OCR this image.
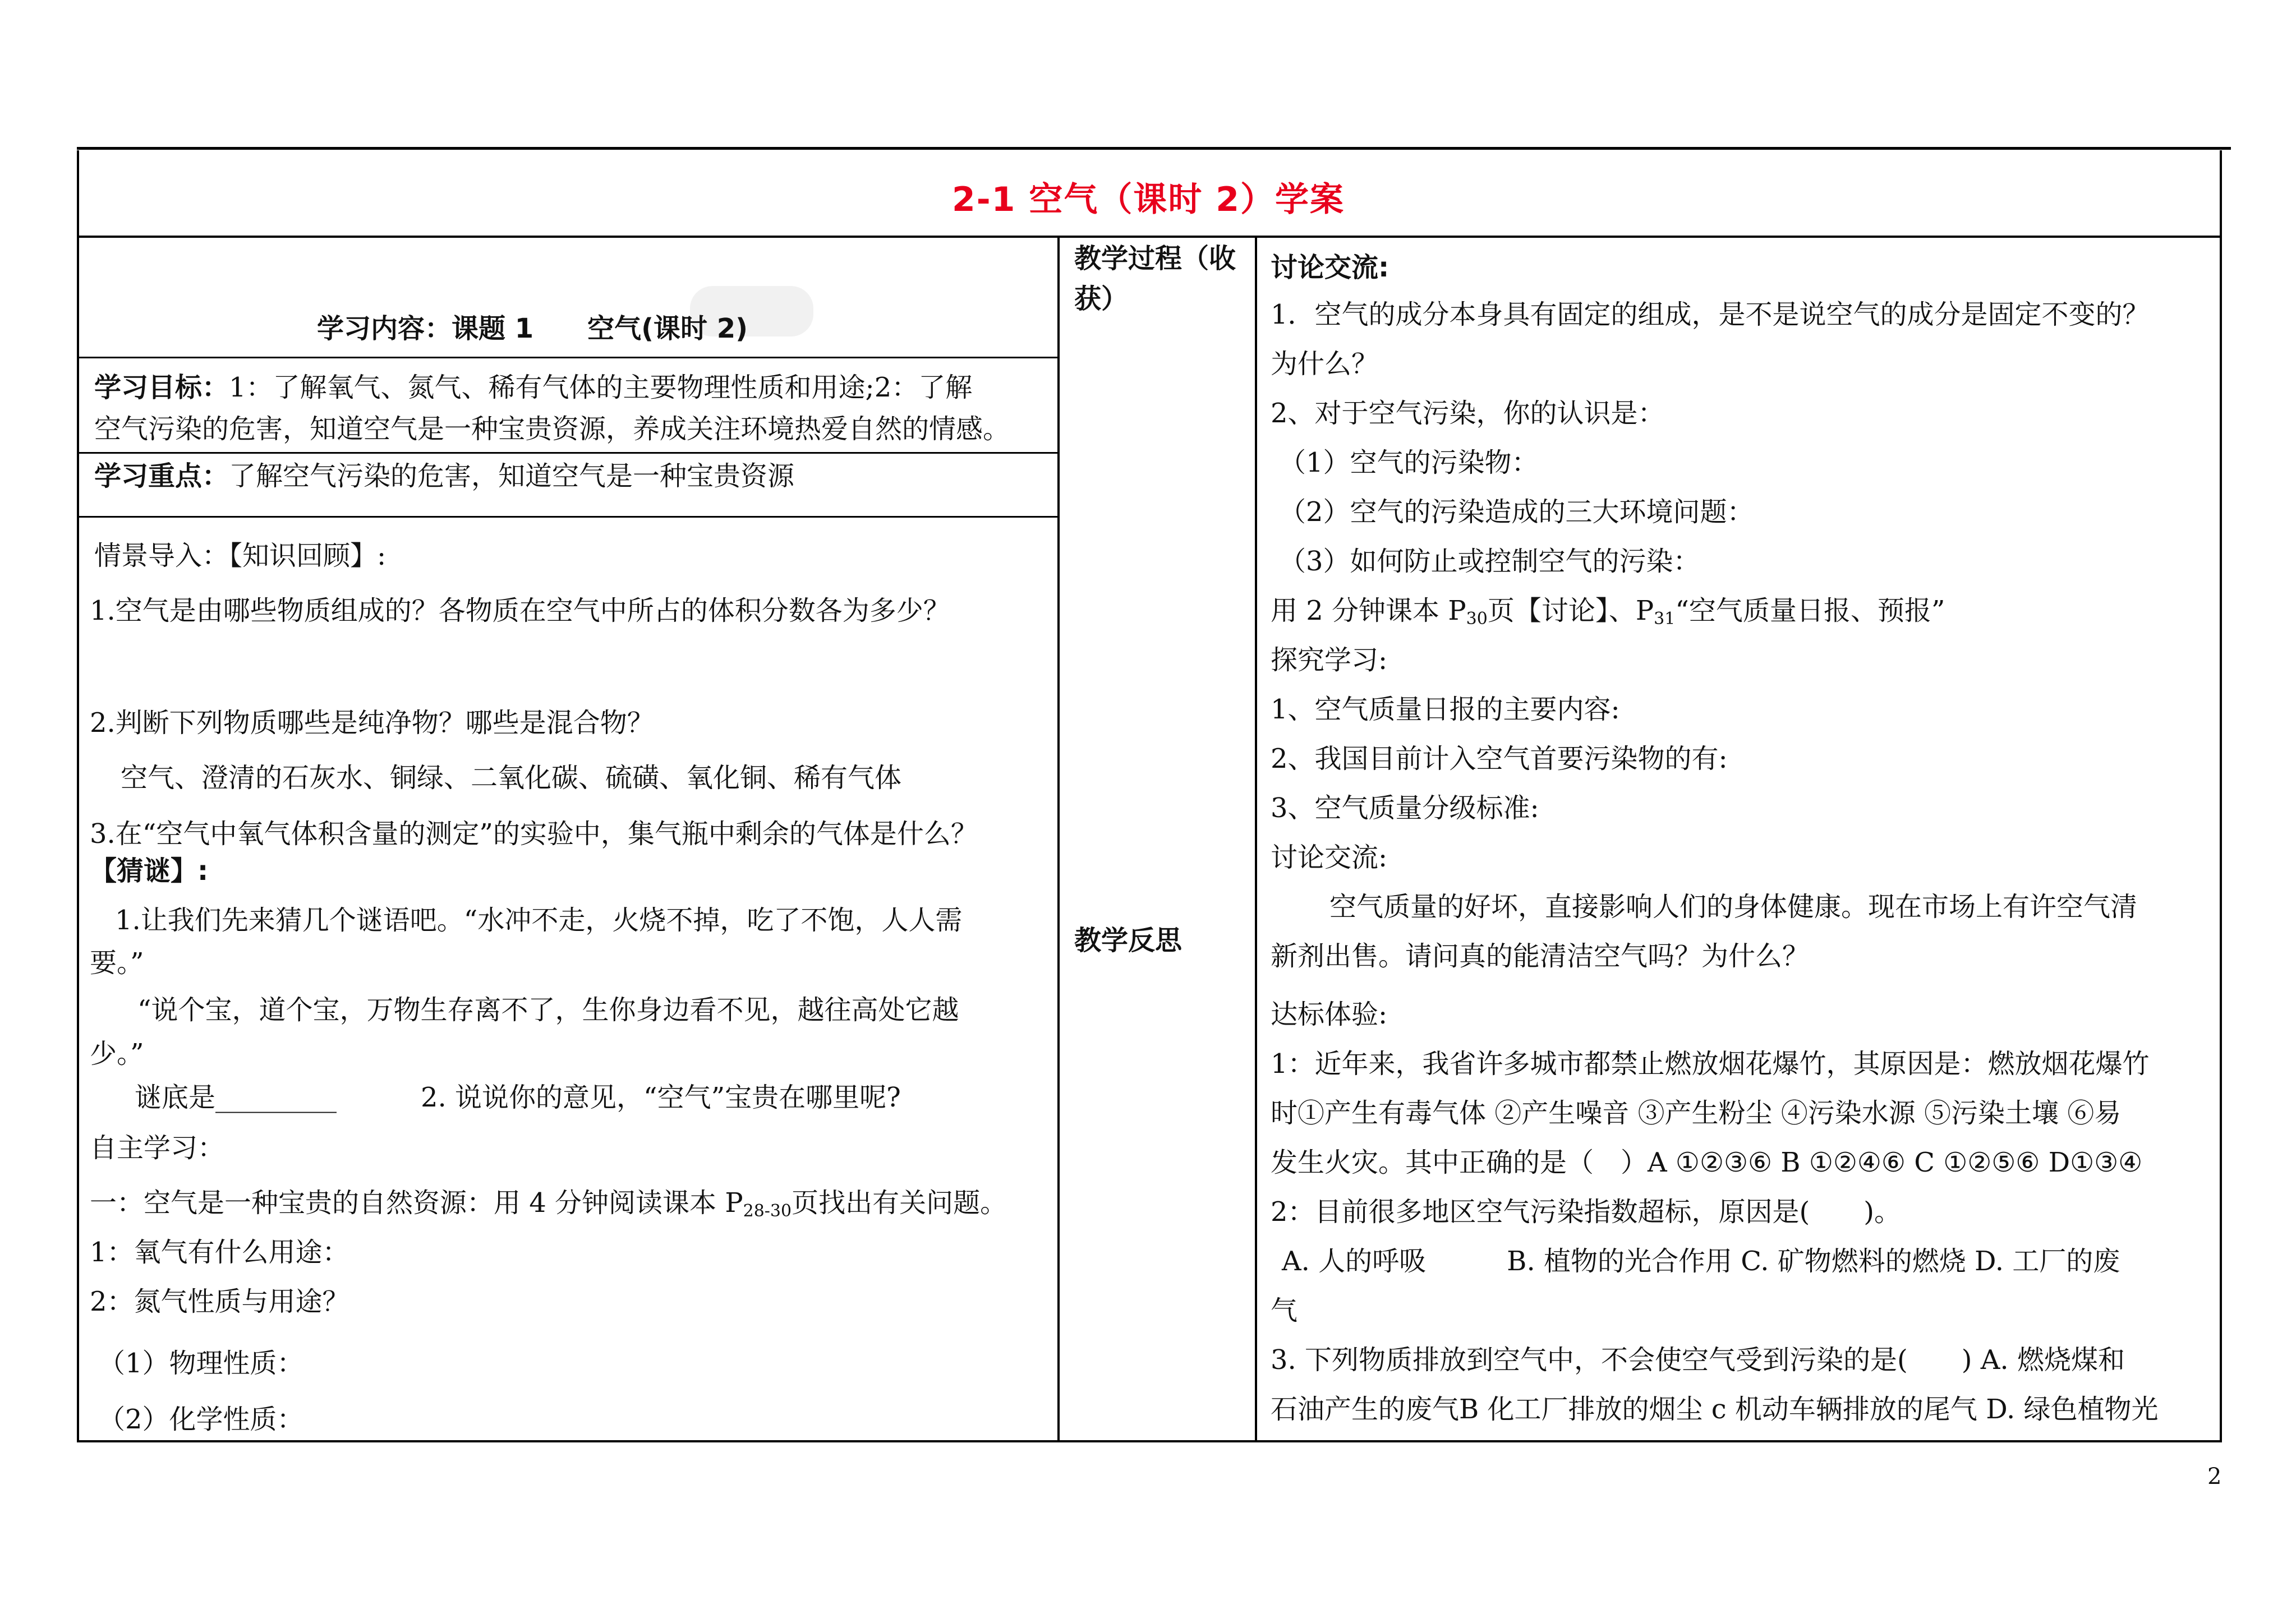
2-1 空气（课时 2）学案
学习内容：课题 1　　空气(课时 2)
学习目标：1：了解氧气、氮气、稀有气体的主要物理性质和用途;2：了解
空气污染的危害，知道空气是一种宝贵资源，养成关注环境热爱自然的情感。
学习重点：了解空气污染的危害，知道空气是一种宝贵资源
情景导入：【知识回顾】:
1.空气是由哪些物质组成的？各物质在空气中所占的体积分数各为多少？
2.判断下列物质哪些是纯净物？哪些是混合物？
空气、澄清的石灰水、铜绿、二氧化碳、硫磺、氧化铜、稀有气体
3.在“空气中氧气体积含量的测定”的实验中，集气瓶中剩余的气体是什么？
【猜谜】:
1.让我们先来猜几个谜语吧。“水冲不走，火烧不掉，吃了不饱，人人需
要。”
“说个宝，道个宝，万物生存离不了，生你身边看不见，越往高处它越
少。”
谜底是_________	2. 说说你的意见，“空气”宝贵在哪里呢?
自主学习：
一：空气是一种宝贵的自然资源：用 4 分钟阅读课本 $P_{28-30}$页找出有关问题。
1：氧气有什么用途：
2：氮气性质与用途？
（1）物理性质：
（2）化学性质：
教学过程（收
获）
教学反思
讨论交流:
1．空气的成分本身具有固定的组成，是不是说空气的成分是固定不变的？
为什么？
2、对于空气污染，你的认识是：
（1）空气的污染物：
（2）空气的污染造成的三大环境问题：
（3）如何防止或控制空气的污染：
用 2 分钟课本 $P_{30}$页【讨论】、$P_{31}“$空气质量日报、预报”
探究学习:
1、空气质量日报的主要内容:
2、我国目前计入空气首要污染物的有:
3、空气质量分级标准:
讨论交流:
空气质量的好坏，直接影响人们的身体健康。现在市场上有许空气清
新剂出售。请问真的能清洁空气吗？为什么？
达标体验:
1：近年来，我省许多城市都禁止燃放烟花爆竹，其原因是：燃放烟花爆竹
时①产生有毒气体 ②产生噪音 ③产生粉尘 ④污染水源 ⑤污染土壤 ⑥易
发生火灾。其中正确的是（　）A ①②③⑥ B ①②④⑥ C ①②⑤⑥ D①③④
2：目前很多地区空气污染指数超标，原因是(　　)。
A. 人的呼吸　　　B. 植物的光合作用 C. 矿物燃料的燃烧 D. 工厂的废
气
3. 下列物质排放到空气中，不会使空气受到污染的是(　　) A. 燃烧煤和
石油产生的废气B 化工厂排放的烟尘 c 机动车辆排放的尾气 D. 绿色植物光
2
